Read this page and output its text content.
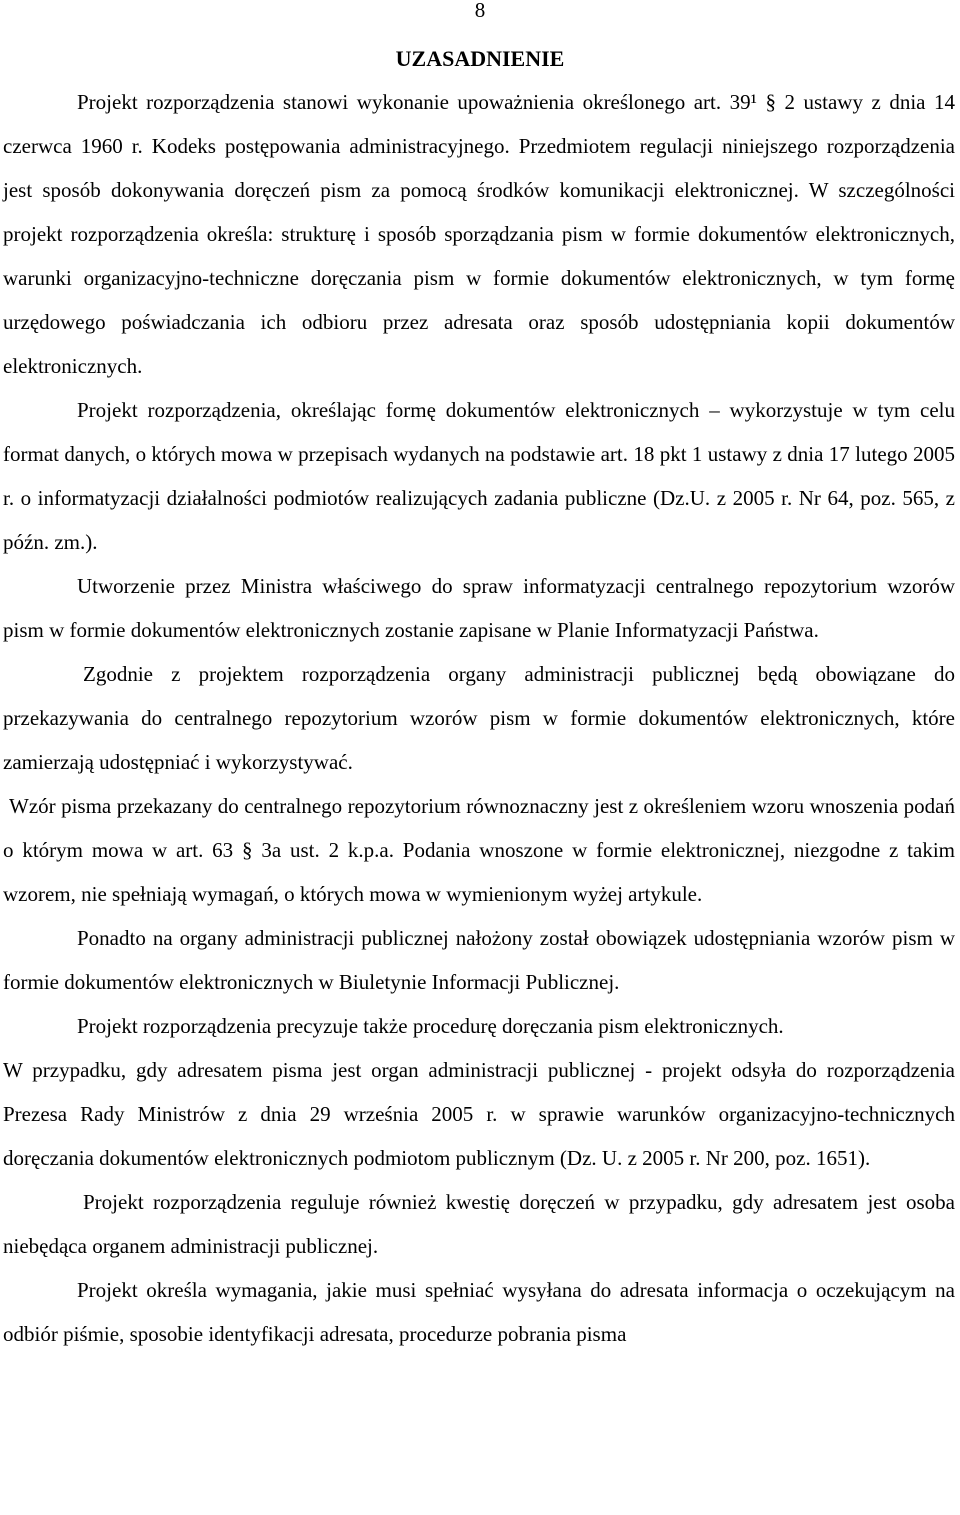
8
UZASADNIENIE

Projekt rozporządzenia stanowi wykonanie upoważnienia określonego art. 39¹ § 2 ustawy z dnia 14 czerwca 1960 r. Kodeks postępowania administracyjnego. Przedmiotem regulacji niniejszego rozporządzenia jest sposób dokonywania doręczeń pism za pomocą środków komunikacji elektronicznej. W szczególności projekt rozporządzenia określa: strukturę i sposób sporządzania pism w formie dokumentów elektronicznych, warunki organizacyjno-techniczne doręczania pism w formie dokumentów elektronicznych, w tym formę urzędowego poświadczania ich odbioru przez adresata oraz sposób udostępniania kopii dokumentów elektronicznych.

Projekt rozporządzenia, określając formę dokumentów elektronicznych – wykorzystuje w tym celu format danych, o których mowa w przepisach wydanych na podstawie art. 18 pkt 1 ustawy z dnia 17 lutego 2005 r. o informatyzacji działalności podmiotów realizujących zadania publiczne (Dz.U. z 2005 r. Nr 64, poz. 565, z późn. zm.).

Utworzenie przez Ministra właściwego do spraw informatyzacji centralnego repozytorium wzorów pism w formie dokumentów elektronicznych zostanie zapisane w Planie Informatyzacji Państwa.

Zgodnie z projektem rozporządzenia organy administracji publicznej będą obowiązane do przekazywania do centralnego repozytorium wzorów pism w formie dokumentów elektronicznych, które zamierzają udostępniać i wykorzystywać.

Wzór pisma przekazany do centralnego repozytorium równoznaczny jest z określeniem wzoru wnoszenia podań o którym mowa w art. 63 § 3a ust. 2 k.p.a. Podania wnoszone w formie elektronicznej, niezgodne z takim wzorem, nie spełniają wymagań, o których mowa w wymienionym wyżej artykule.

Ponadto na organy administracji publicznej nałożony został obowiązek udostępniania wzorów pism w formie dokumentów elektronicznych w Biuletynie Informacji Publicznej.

Projekt rozporządzenia precyzuje także procedurę doręczania pism elektronicznych.

W przypadku, gdy adresatem pisma jest organ administracji publicznej - projekt odsyła do rozporządzenia Prezesa Rady Ministrów z dnia 29 września 2005 r. w sprawie warunków organizacyjno-technicznych doręczania dokumentów elektronicznych podmiotom publicznym (Dz. U. z 2005 r. Nr 200, poz. 1651).

Projekt rozporządzenia reguluje również kwestię doręczeń w przypadku, gdy adresatem jest osoba niebędąca organem administracji publicznej.

Projekt określa wymagania, jakie musi spełniać wysyłana do adresata informacja o oczekującym na odbiór piśmie, sposobie identyfikacji adresata, procedurze pobrania pisma
